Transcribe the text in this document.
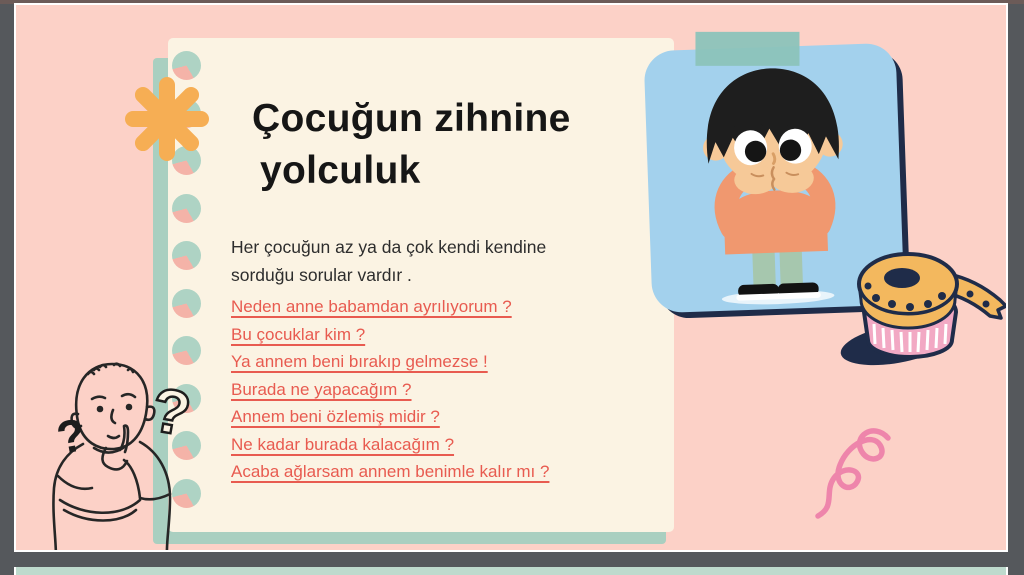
Çocuğun zihnine
yolculuk

Her çocuğun az ya da çok kendi kendine
sorduğu sorular vardır .

Neden anne babamdan ayrılıyorum ?
Bu çocuklar kim ?
Ya annem beni bırakıp gelmezse !
Burada ne yapacağım ?
Annem beni özlemiş midir ?
Ne kadar burada kalacağım ?
Acaba ağlarsam annem benimle kalır mı ?
? ?
